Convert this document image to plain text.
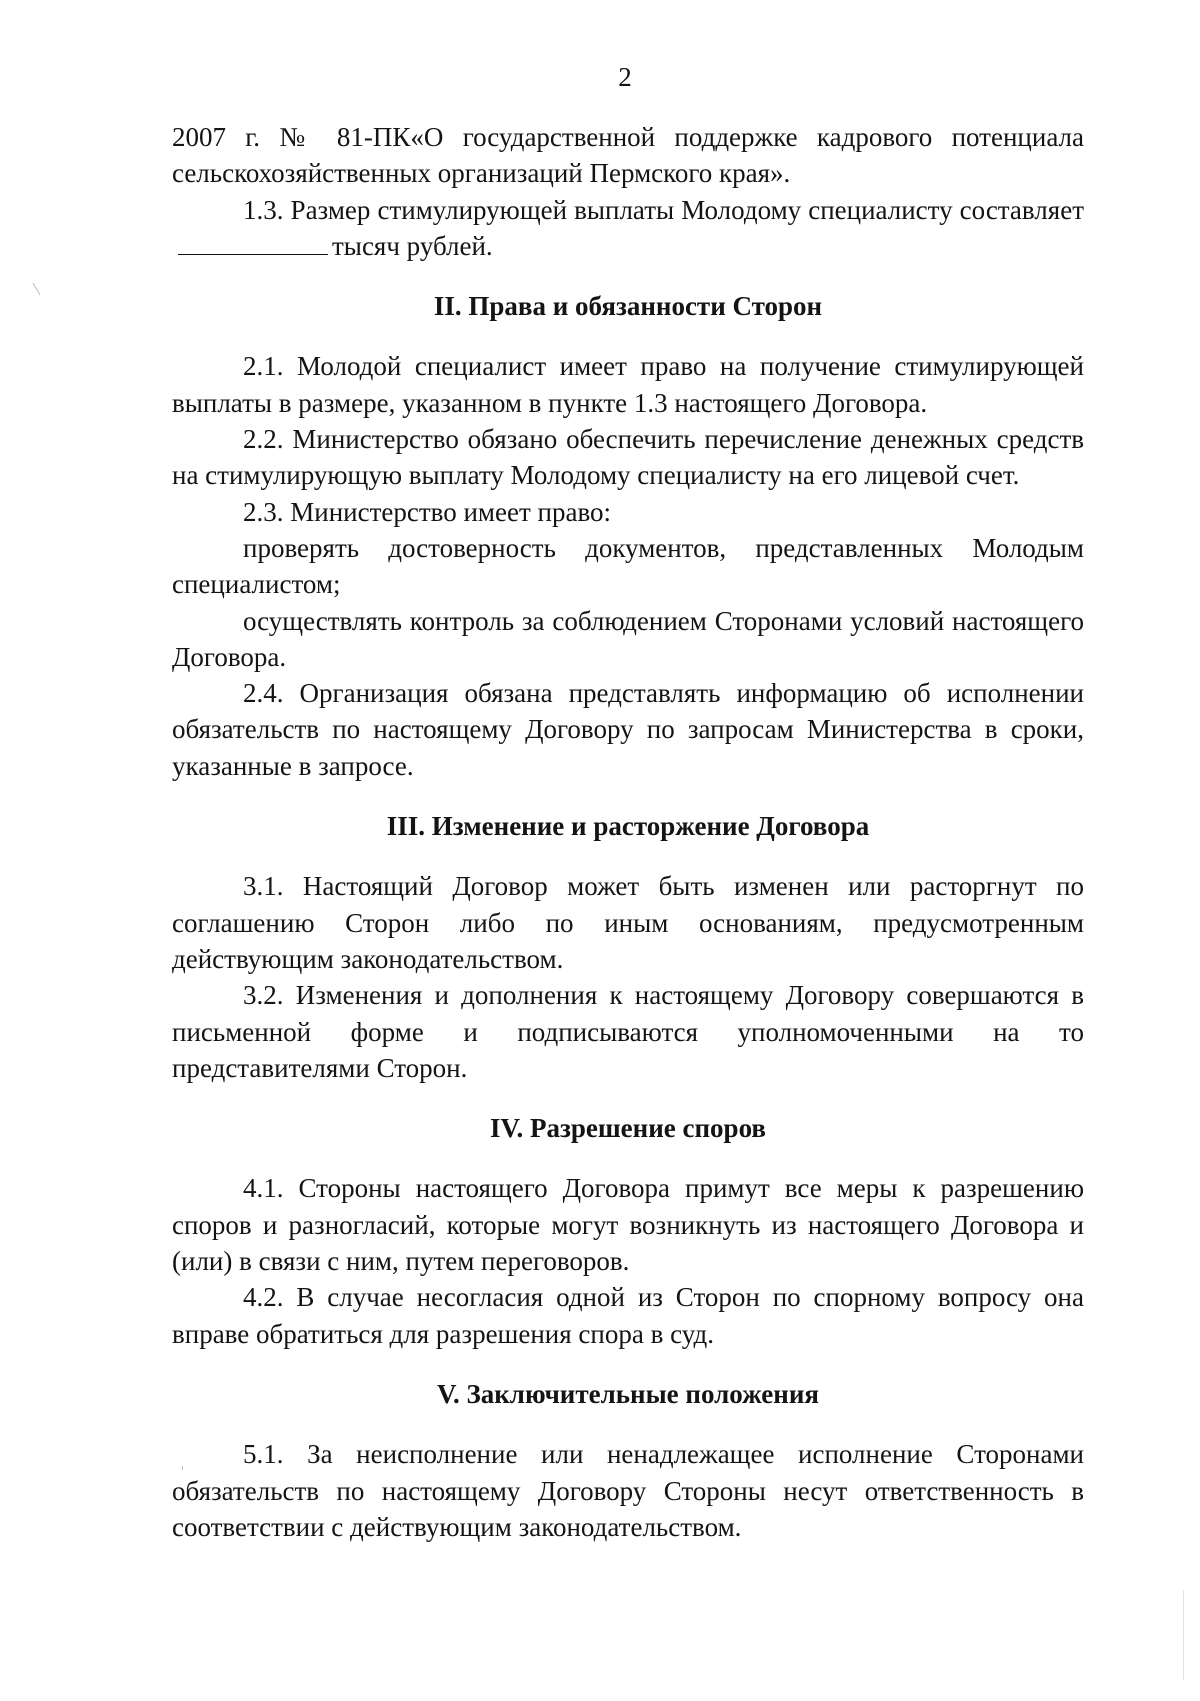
2

2007 г. № 81-ПК«О государственной поддержке кадрового потенциала сельскохозяйственных организаций Пермского края».

1.3. Размер стимулирующей выплаты Молодому специалисту составляеттысяч рублей.

II. Права и обязанности Сторон

2.1. Молодой специалист имеет право на получение стимулирующей выплаты в размере, указанном в пункте 1.3 настоящего Договора.

2.2. Министерство обязано обеспечить перечисление денежных средств на стимулирующую выплату Молодому специалисту на его лицевой счет.

2.3. Министерство имеет право:

проверять достоверность документов, представленных Молодым специалистом;

осуществлять контроль за соблюдением Сторонами условий настоящего Договора.

2.4. Организация обязана представлять информацию об исполнении обязательств по настоящему Договору по запросам Министерства в сроки, указанные в запросе.

III. Изменение и расторжение Договора

3.1. Настоящий Договор может быть изменен или расторгнут по соглашению Сторон либо по иным основаниям, предусмотренным действующим законодательством.

3.2. Изменения и дополнения к настоящему Договору совершаются в письменной форме и подписываются уполномоченными на то представителями Сторон.

IV. Разрешение споров

4.1. Стороны настоящего Договора примут все меры к разрешению споров и разногласий, которые могут возникнуть из настоящего Договора и (или) в связи с ним, путем переговоров.

4.2. В случае несогласия одной из Сторон по спорному вопросу она вправе обратиться для разрешения спора в суд.

V. Заключительные положения

5.1. За неисполнение или ненадлежащее исполнение Сторонами обязательств по настоящему Договору Стороны несут ответственность в соответствии с действующим законодательством.
